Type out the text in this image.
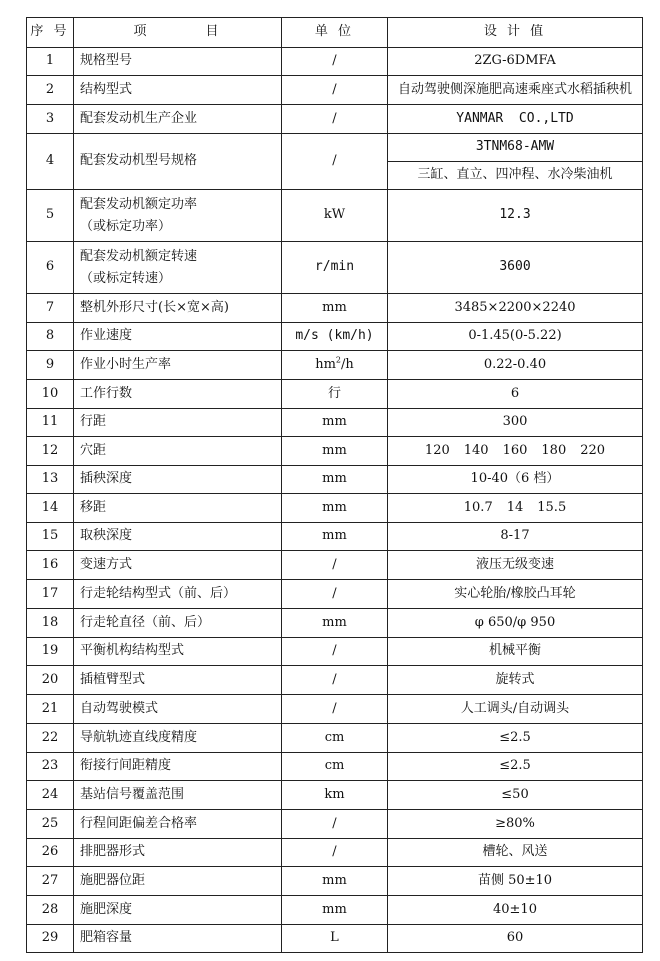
序 号	项 目	单 位	设 计 值
1	规格型号	/	2ZG-6DMFA
2	结构型式	/	自动驾驶侧深施肥高速乘座式水稻插秧机
3	配套发动机生产企业	/	YANMAR  CO.,LTD
4	配套发动机型号规格	/	3TNM68-AMW
			三缸、直立、四冲程、水冷柴油机
5	配套发动机额定功率
（或标定功率）	kW	12.3
6	配套发动机额定转速
（或标定转速）	r/min	3600
7	整机外形尺寸(长×宽×高)	mm	3485×2200×2240
8	作业速度	m/s (km/h)	0-1.45(0-5.22)
9	作业小时生产率	$hm^2/h$	0.22-0.40
10	工作行数	行	6
11	行距	mm	300
12	穴距	mm	120 140 160 180 220
13	插秧深度	mm	10-40（6 档）
14	移距	mm	10.7 14 15.5
15	取秧深度	mm	8-17
16	变速方式	/	液压无级变速
17	行走轮结构型式（前、后）	/	实心轮胎/橡胶凸耳轮
18	行走轮直径（前、后）	mm	φ 650/φ 950
19	平衡机构结构型式	/	机械平衡
20	插植臂型式	/	旋转式
21	自动驾驶模式	/	人工调头/自动调头
22	导航轨迹直线度精度	cm	≤2.5
23	衔接行间距精度	cm	≤2.5
24	基站信号覆盖范围	km	≤50
25	行程间距偏差合格率	/	≥80%
26	排肥器形式	/	槽轮、风送
27	施肥器位距	mm	苗侧 50±10
28	施肥深度	mm	40±10
29	肥箱容量	L	60
